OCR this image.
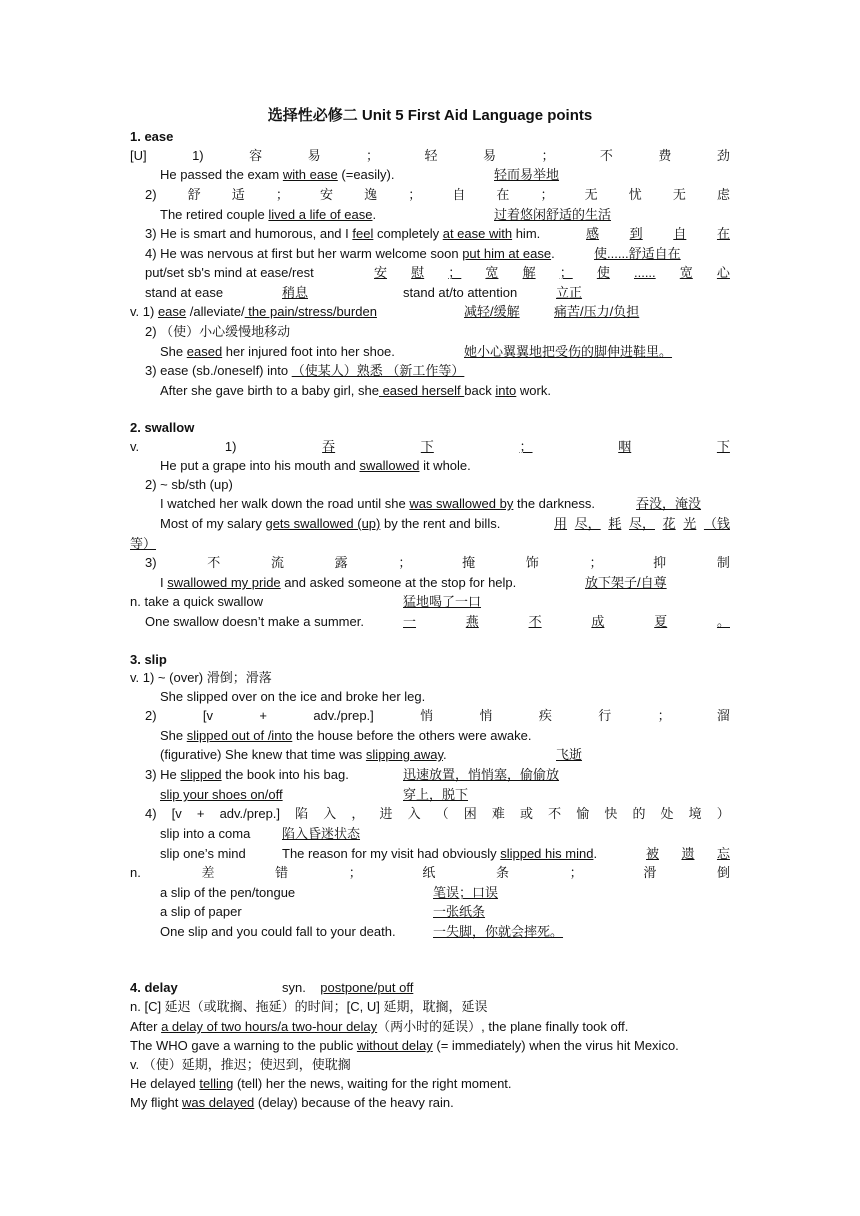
选择性必修二 Unit 5 First Aid Language points
1. ease
[U]	1)	容	易	；	轻	易	；	不	费	劲
He passed the exam with ease (=easily).	轻而易举地
2) 舒 适 ； 安 逸 ； 自 在 ； 无 忧 无 虑
The retired couple lived a life of ease.	过着悠闲舒适的生活
3) He is smart and humorous, and I feel completely at ease with him.	感 到 自 在
4) He was nervous at first but her warm welcome soon put him at ease.	使......舒适自在
put/set sb's mind at ease/rest	安 慰 ； 宽 解 ； 使 ...... 宽 心
stand at ease	稍息	stand at/to attention	立正
v. 1) ease /alleviate/ the pain/stress/burden	减轻/缓解	痛苦/压力/负担
2) （使）小心缓慢地移动
She eased her injured foot into her shoe.	她小心翼翼地把受伤的脚伸进鞋里。
3) ease (sb./oneself) into （使某人）熟悉 （新工作等）
After she gave birth to a baby girl, she eased herself back into work.
2. swallow
v.	1)	吞	下	；	咽	下
He put a grape into his mouth and swallowed it whole.
2) ~ sb/sth (up)
I watched her walk down the road until she was swallowed by the darkness.	吞没，淹没
Most of my salary gets swallowed (up) by the rent and bills.	用 尽， 耗 尽， 花 光 （钱
等）
3)	不	流	露	；	掩	饰	；	抑	制
I swallowed my pride and asked someone at the stop for help.	放下架子/自尊
n. take a quick swallow	猛地喝了一口
One swallow doesn’t make a summer.	一	燕	不	成	夏	。
3. slip
v. 1) ~ (over) 滑倒；滑落
She slipped over on the ice and broke her leg.
2)	[v	+	adv./prep.]	悄	悄	疾	行	；	溜
She slipped out of /into the house before the others were awake.
(figurative) She knew that time was slipping away.	飞逝
3) He slipped the book into his bag.	迅速放置，悄悄塞，偷偷放
slip your shoes on/off	穿上，脱下
4) [v + adv./prep.] 陷 入 ， 进 入 （ 困 难 或 不 愉 快 的 处 境 ）
slip into a coma 陷入昏迷状态
slip one’s mind	The reason for my visit had obviously slipped his mind.	被 遗 忘
n.	差	错	；	纸	条	；	滑	倒
a slip of the pen/tongue	笔误；口误
a slip of paper	一张纸条
One slip and you could fall to your death.	一失脚，你就会摔死。
4. delay	syn. postpone/put off
n. [C] 延迟（或耽搁、拖延）的时间；[C, U] 延期，耽搁，延误
After a delay of two hours/a two-hour delay（两小时的延误）, the plane finally took off.
The WHO gave a warning to the public without delay (= immediately) when the virus hit Mexico.
v. （使）延期，推迟；使迟到，使耽搁
He delayed telling (tell) her the news, waiting for the right moment.
My flight was delayed (delay) because of the heavy rain.
